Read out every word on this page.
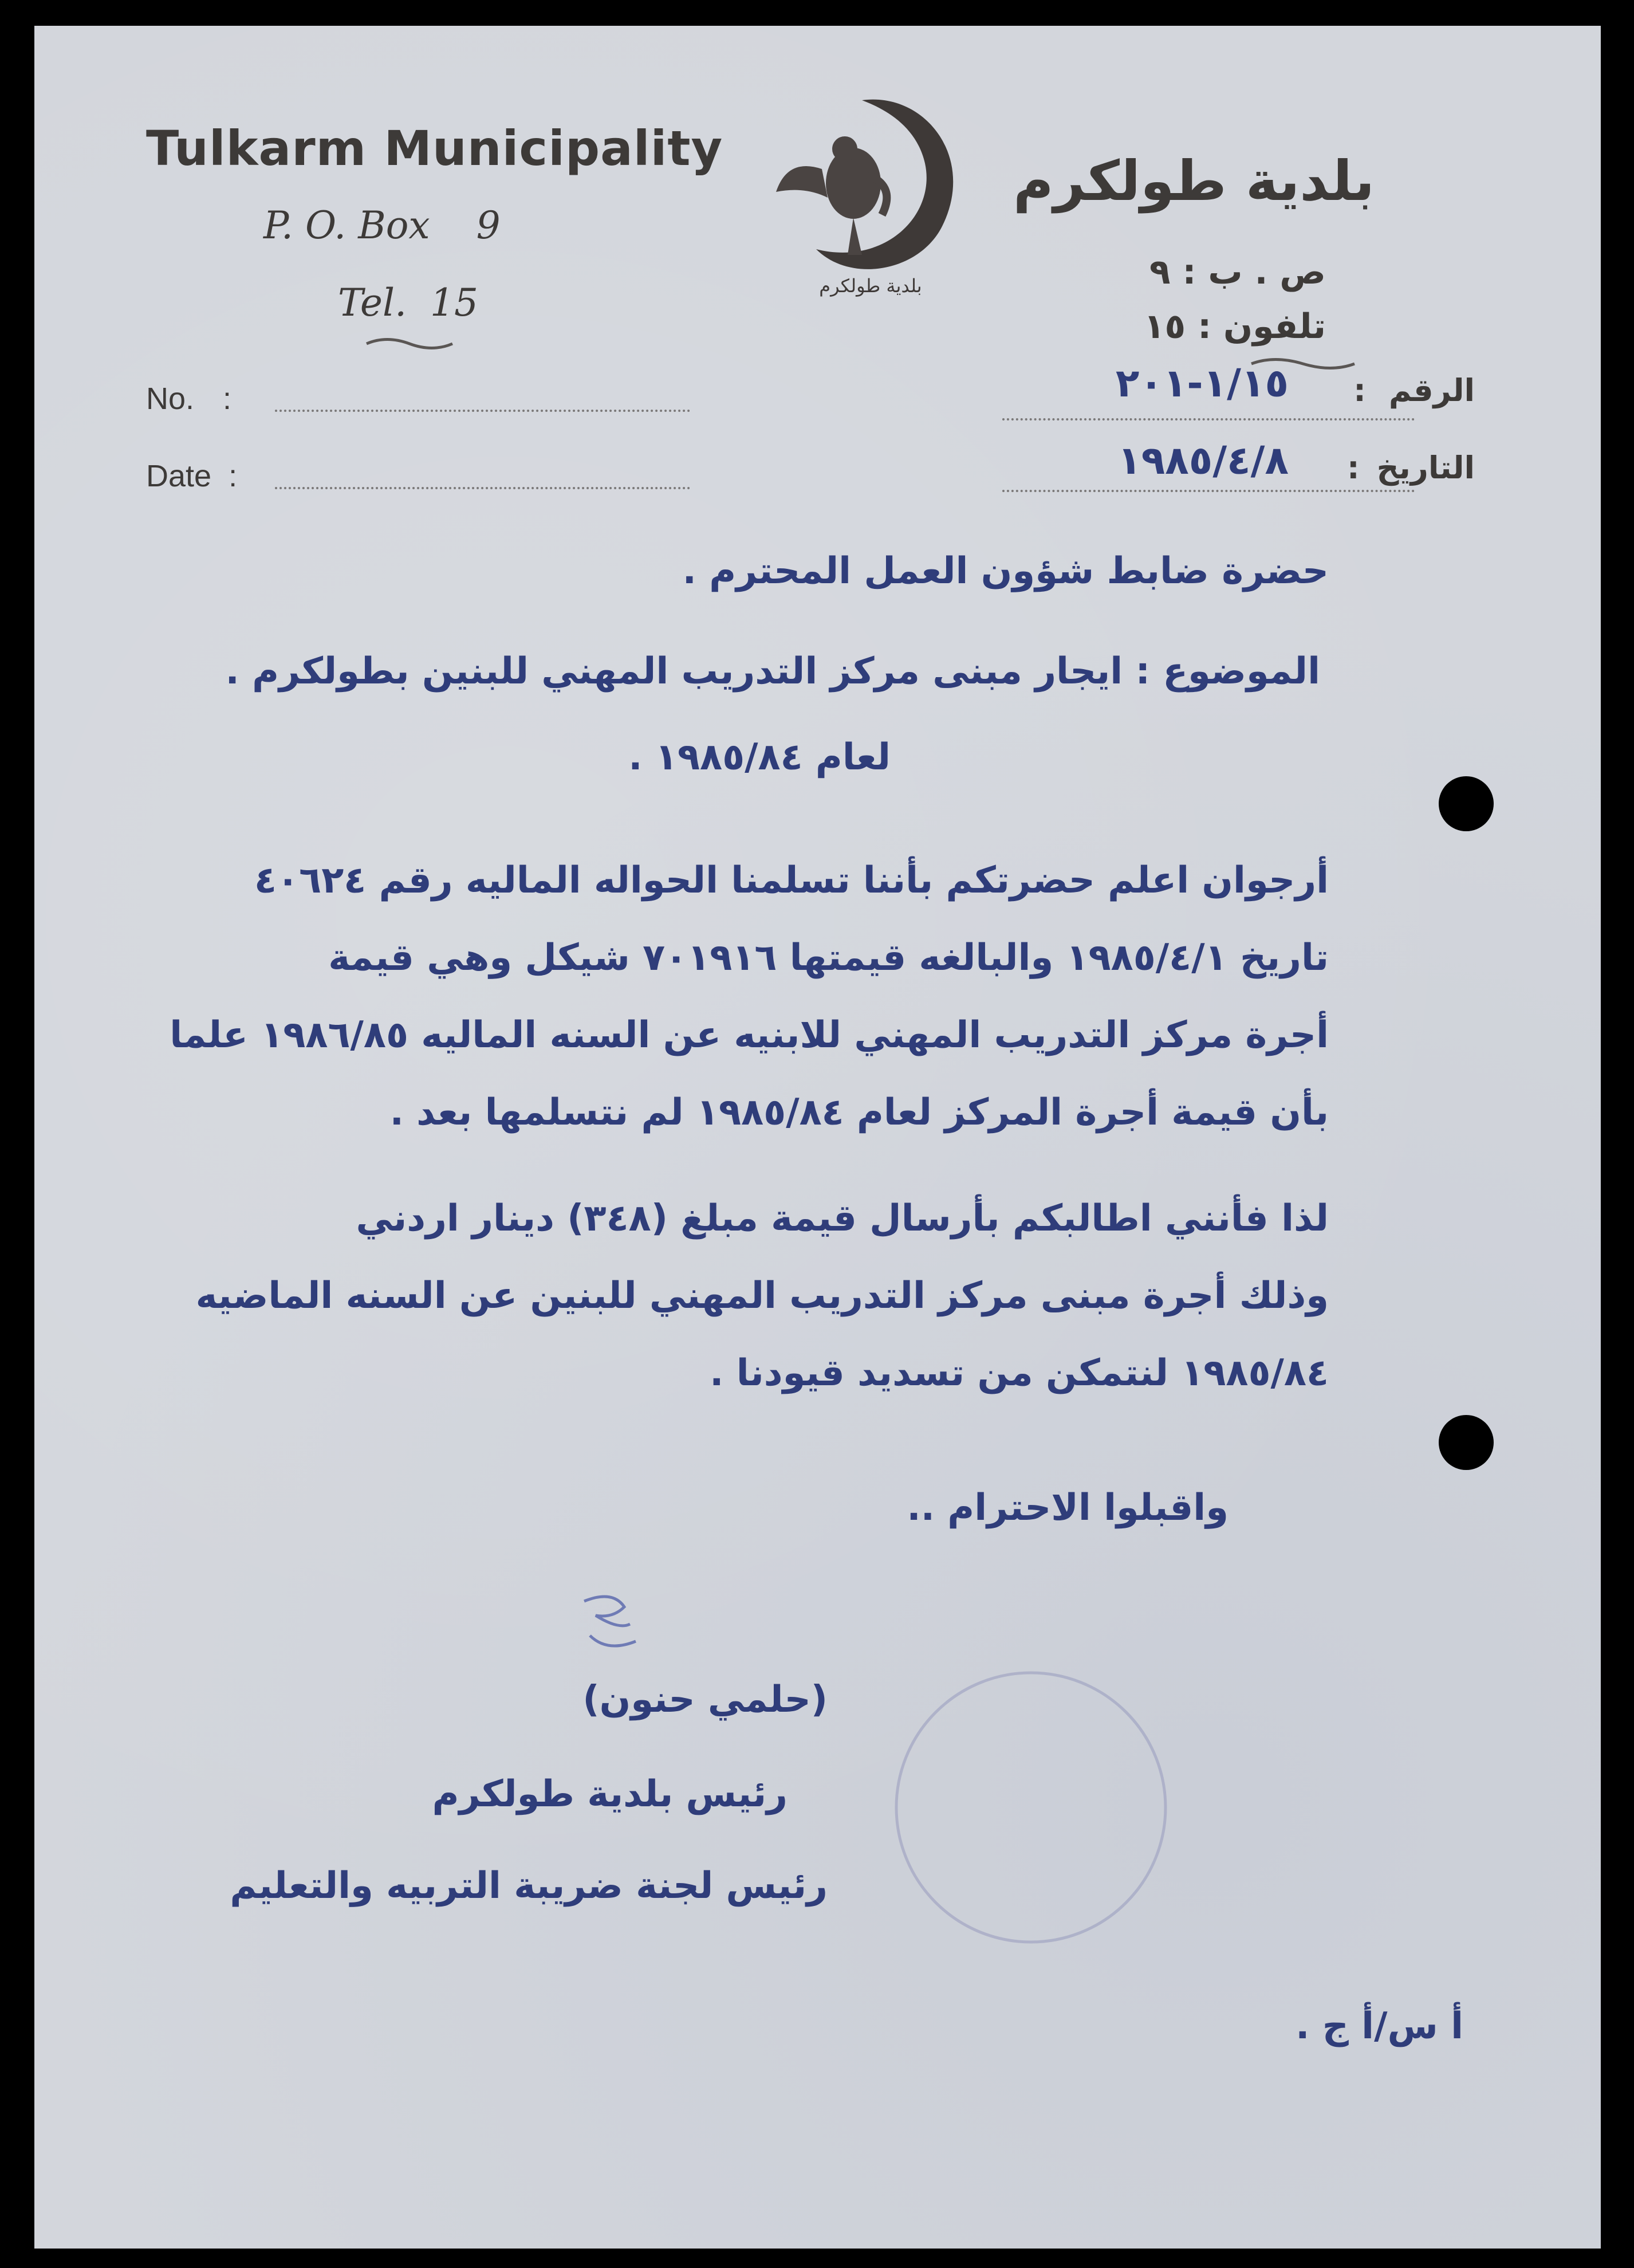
Tulkarm Municipality
P. O. Box 9
Tel. 15	بلدية طولكرم
بلدية طولكرم
ص . ب : ٩
تلفون : ١٥
No. :
Date :
الرقم:
التاريخ:
١/١٥-٢٠١
١٩٨٥/٤/٨
حضرة ضابط شؤون العمل المحترم .
الموضوع : ايجار مبنى مركز التدريب المهني للبنين بطولكرم .
لعام ١٩٨٥/٨٤ .
أرجوان اعلم حضرتكم بأننا تسلمنا الحواله الماليه رقم ٤٠٦٢٤
تاريخ ١٩٨٥/٤/١ والبالغه قيمتها ٧٠١٩١٦ شيكل وهي قيمة
أجرة مركز التدريب المهني للابنيه عن السنه الماليه ١٩٨٦/٨٥ علما
بأن قيمة أجرة المركز لعام ١٩٨٥/٨٤ لم نتسلمها بعد .
لذا فأنني اطالبكم بأرسال قيمة مبلغ (٣٤٨) دينار اردني
وذلك أجرة مبنى مركز التدريب المهني للبنين عن السنه الماضيه
١٩٨٥/٨٤ لنتمكن من تسديد قيودنا .
واقبلوا الاحترام ..
(حلمي حنون)
رئيس بلدية طولكرم
رئيس لجنة ضريبة التربيه والتعليم
أ س/أ ج .
